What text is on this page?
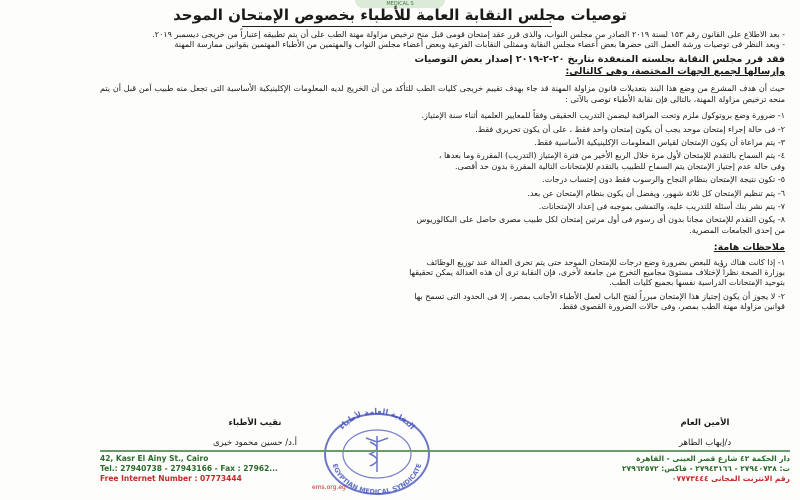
MEDICAL S
توصيات مجلس النقابة العامة للأطباء بخصوص الإمتحان الموحد

- بعد الاطلاع على القانون رقم ١٥٣ لسنة ٢٠١٩ الصادر من مجلس النواب، والذى قرر عقد إمتحان قومى قبل منح ترخيص مزاولة مهنة الطب على أن يتم تطبيقه إعتباراً من خريجى ديسمبر ٢٠١٩.

- وبعد النظر فى توصيات ورشة العمل التى حضرها بعض أعضاء مجلس النقابة وممثلى النقابات الفرعية وبعض أعضاء مجلس النواب والمهتمين من الأطباء المهتمين بقوانين ممارسة المهنة

فقد قرر مجلس النقابة بجلسته المنعقدة بتاريخ ٢٠-٢-٢٠١٩ إصدار بعض التوصيات

وإرسالها لجميع الجهات المختصة، وهى كالتالى:

حيث أن هدف المشرع من وضع هذا البند بتعديلات قانون مزاولة المهنة قد جاء بهدف تقييم خريجى كليات الطب للتأكد من أن الخريج لديه المعلومات الإكلينيكية الأساسية التى تجعل منه طبيب آمن قبل أن يتم منحه ترخيص مزاولة المهنة، بالتالى فإن نقابة الأطباء توصى بالآتى :

١- ضرورة وضع بروتوكول ملزم وتحت المراقبة ليضمن التدريب الحقيقى وفقاً للمعايير العلمية أثناء سنة الإمتياز.

٢- فى حالة إجراء إمتحان موحد يجب أن يكون إمتحان واحد فقط ، على أن يكون تحريرى فقط.

٣- يتم مراعاة أن يكون الإمتحان لقياس المعلومات الإكلينيكية الأساسية فقط.

٤- يتم السماح بالتقدم للإمتحان لأول مرة خلال الربع الأخير من فترة الإمتياز (التدريب) المقررة وما بعدها ،

وفى حالة عدم إجتياز الإمتحان يتم السماح للطبيب بالتقدم للإمتحانات التالية المقررة بدون حد أقصى.

٥- تكون نتيجة الإمتحان بنظام النجاح والرسوب فقط دون إحتساب درجات.

٦- يتم تنظيم الإمتحان كل ثلاثة شهور، ويفضل أن يكون بنظام الإمتحان عن بعد.

٧- يتم نشر بنك أسئلة للتدريب عليه، والتمشى بموجبه فى إعداد الإمتحانات.

٨- يكون التقدم للإمتحان مجانا بدون أى رسوم فى أول مرتين إمتحان لكل طبيب مصرى حاصل على البكالوريوس

من إحدى الجامعات المصرية.

ملاحظات هامة:

١- إذا كانت هناك رؤية للبعض بضرورة وضع درجات للإمتحان الموحد حتى يتم تحرى العدالة عند توزيع الوظائف

بوزارة الصحة نظراً لإختلاف مستوىً مجاميع التخرج من جامعة لأخرى، فإن النقابة ترى أن هذه العدالة يمكن تحقيقها

بتوحيد الإمتحانات الدراسية نفسها بجميع كليات الطب.

٢- لا يجوز أن يكون إجتياز هذا الإمتحان مبرراً لفتح الباب لعمل الأطباء الأجانب بمصر، إلا فى الحدود التى تسمح بها

قوانين مزاولة مهنة الطب بمصر، وفى حالات الضرورة القصوى فقط.

الأمين العام
د/إيهاب الطاهر
نقيب الأطباء
أ.د/ حسين محمود خيرى
النقابة العامة لأطباء
EGYPTIAN MEDICAL SYNDICATE
42, Kasr El Ainy St., Cairo
Tel.: 27940738 - 27943166 - Fax : 27962...
Free Internet Number : 07773444
دار الحكمة ٤٢ شارع قصر العينى - القاهرة
ت: ٢٧٩٤٠٧٣٨ - ٢٧٩٤٣١٦٦ - فاكس: ٢٧٩٦٢٥٧٢
رقم الانترنت المجانى ٠٧٧٧٣٤٤٤
ems.org.eg
